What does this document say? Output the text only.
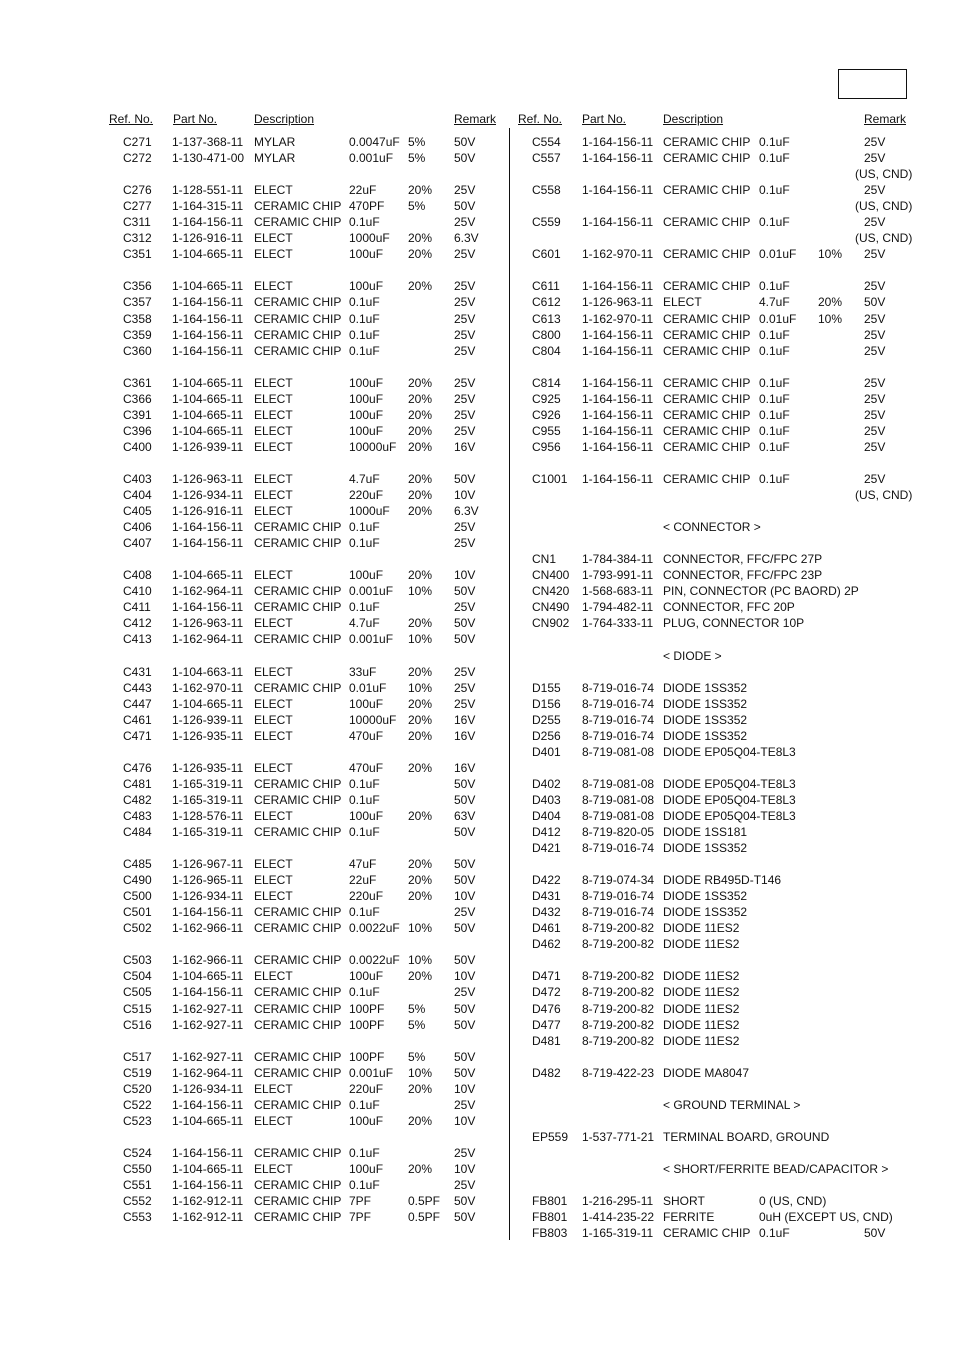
Ref. No. Part No.	Description	Remark Ref. No. Part No.	Description	Remark
C271 1-137-368-11 MYLAR	0.0047uF 5% 50V
C272 1-130-471-00 MYLAR	0.001uF 5% 50V
C276 1-128-551-11 ELECT	22uF	20% 25V
C277 1-164-315-11 CERAMIC CHIP 470PF 5% 50V
C311 1-164-156-11 CERAMIC CHIP 0.1uF	25V
C312 1-126-916-11 ELECT	1000uF 20% 6.3V
C351 1-104-665-11 ELECT	100uF 20% 25V
C356 1-104-665-11 ELECT	100uF 20% 25V
C357 1-164-156-11 CERAMIC CHIP 0.1uF	25V
C358 1-164-156-11 CERAMIC CHIP 0.1uF	25V
C359 1-164-156-11 CERAMIC CHIP 0.1uF	25V
C360 1-164-156-11 CERAMIC CHIP 0.1uF	25V
C361 1-104-665-11 ELECT	100uF 20% 25V
C366 1-104-665-11 ELECT	100uF 20% 25V
C391 1-104-665-11 ELECT	100uF 20% 25V
C396 1-104-665-11 ELECT	100uF 20% 25V
C400 1-126-939-11 ELECT	10000uF 20% 16V
C403 1-126-963-11 ELECT	4.7uF 20% 50V
C404 1-126-934-11 ELECT	220uF 20% 10V
C405 1-126-916-11 ELECT	1000uF 20% 6.3V
C406 1-164-156-11 CERAMIC CHIP 0.1uF	25V
C407 1-164-156-11 CERAMIC CHIP 0.1uF	25V
C408 1-104-665-11 ELECT	100uF 20% 10V
C410 1-162-964-11 CERAMIC CHIP 0.001uF 10% 50V
C411 1-164-156-11 CERAMIC CHIP 0.1uF	25V
C412 1-126-963-11 ELECT	4.7uF 20% 50V
C413 1-162-964-11 CERAMIC CHIP 0.001uF 10% 50V
C431 1-104-663-11 ELECT	33uF	20% 25V
C443 1-162-970-11 CERAMIC CHIP 0.01uF 10% 25V
C447 1-104-665-11 ELECT	100uF 20% 25V
C461 1-126-939-11 ELECT	10000uF 20% 16V
C471 1-126-935-11 ELECT	470uF 20% 16V
C476 1-126-935-11 ELECT	470uF 20% 16V
C481 1-165-319-11 CERAMIC CHIP 0.1uF	50V
C482 1-165-319-11 CERAMIC CHIP 0.1uF	50V
C483 1-128-576-11 ELECT	100uF 20% 63V
C484 1-165-319-11 CERAMIC CHIP 0.1uF	50V
C485 1-126-967-11 ELECT	47uF	20% 50V
C490 1-126-965-11 ELECT	22uF	20% 50V
C500 1-126-934-11 ELECT	220uF 20% 10V
C501 1-164-156-11 CERAMIC CHIP 0.1uF	25V
C502 1-162-966-11 CERAMIC CHIP 0.0022uF 10% 50V
C503 1-162-966-11 CERAMIC CHIP 0.0022uF 10% 50V
C504 1-104-665-11 ELECT	100uF 20% 10V
C505 1-164-156-11 CERAMIC CHIP 0.1uF	25V
C515 1-162-927-11 CERAMIC CHIP 100PF 5% 50V
C516 1-162-927-11 CERAMIC CHIP 100PF 5% 50V
C517 1-162-927-11 CERAMIC CHIP 100PF 5% 50V
C519 1-162-964-11 CERAMIC CHIP 0.001uF 10% 50V
C520 1-126-934-11 ELECT	220uF 20% 10V
C522 1-164-156-11 CERAMIC CHIP 0.1uF	25V
C523 1-104-665-11 ELECT	100uF 20% 10V
C524 1-164-156-11 CERAMIC CHIP 0.1uF	25V
C550 1-104-665-11 ELECT	100uF 20% 10V
C551 1-164-156-11 CERAMIC CHIP 0.1uF	25V
C552 1-162-912-11 CERAMIC CHIP 7PF	0.5PF 50V
C553 1-162-912-11 CERAMIC CHIP 7PF	0.5PF 50V
C554 1-164-156-11 CERAMIC CHIP 0.1uF	25V
C557 1-164-156-11 CERAMIC CHIP 0.1uF	25V
(US, CND)
C558 1-164-156-11 CERAMIC CHIP 0.1uF	25V
(US, CND)
C559 1-164-156-11 CERAMIC CHIP 0.1uF	25V
(US, CND)
C601 1-162-970-11 CERAMIC CHIP 0.01uF 10% 25V
C611 1-164-156-11 CERAMIC CHIP 0.1uF	25V
C612 1-126-963-11 ELECT	4.7uF 20% 50V
C613 1-162-970-11 CERAMIC CHIP 0.01uF 10% 25V
C800 1-164-156-11 CERAMIC CHIP 0.1uF	25V
C804 1-164-156-11 CERAMIC CHIP 0.1uF	25V
C814 1-164-156-11 CERAMIC CHIP 0.1uF	25V
C925 1-164-156-11 CERAMIC CHIP 0.1uF	25V
C926 1-164-156-11 CERAMIC CHIP 0.1uF	25V
C955 1-164-156-11 CERAMIC CHIP 0.1uF	25V
C956 1-164-156-11 CERAMIC CHIP 0.1uF	25V
C1001 1-164-156-11 CERAMIC CHIP 0.1uF	25V
(US, CND)
< CONNECTOR >
CN1 1-784-384-11 CONNECTOR, FFC/FPC 27P
CN400 1-793-991-11 CONNECTOR, FFC/FPC 23P
CN420 1-568-683-11 PIN, CONNECTOR (PC BAORD) 2P
CN490 1-794-482-11 CONNECTOR, FFC 20P
CN902 1-764-333-11 PLUG, CONNECTOR 10P
< DIODE >
D155 8-719-016-74 DIODE 1SS352
D156 8-719-016-74 DIODE 1SS352
D255 8-719-016-74 DIODE 1SS352
D256 8-719-016-74 DIODE 1SS352
D401 8-719-081-08 DIODE EP05Q04-TE8L3
D402 8-719-081-08 DIODE EP05Q04-TE8L3
D403 8-719-081-08 DIODE EP05Q04-TE8L3
D404 8-719-081-08 DIODE EP05Q04-TE8L3
D412 8-719-820-05 DIODE 1SS181
D421 8-719-016-74 DIODE 1SS352
D422 8-719-074-34 DIODE RB495D-T146
D431 8-719-016-74 DIODE 1SS352
D432 8-719-016-74 DIODE 1SS352
D461 8-719-200-82 DIODE 11ES2
D462 8-719-200-82 DIODE 11ES2
D471 8-719-200-82 DIODE 11ES2
D472 8-719-200-82 DIODE 11ES2
D476 8-719-200-82 DIODE 11ES2
D477 8-719-200-82 DIODE 11ES2
D481 8-719-200-82 DIODE 11ES2
D482 8-719-422-23 DIODE MA8047
< GROUND TERMINAL >
EP559 1-537-771-21 TERMINAL BOARD, GROUND
< SHORT/FERRITE BEAD/CAPACITOR >
FB801 1-216-295-11 SHORT	0 (US, CND)
FB801 1-414-235-22 FERRITE	0uH (EXCEPT US, CND)
FB803 1-165-319-11 CERAMIC CHIP 0.1uF	50V
